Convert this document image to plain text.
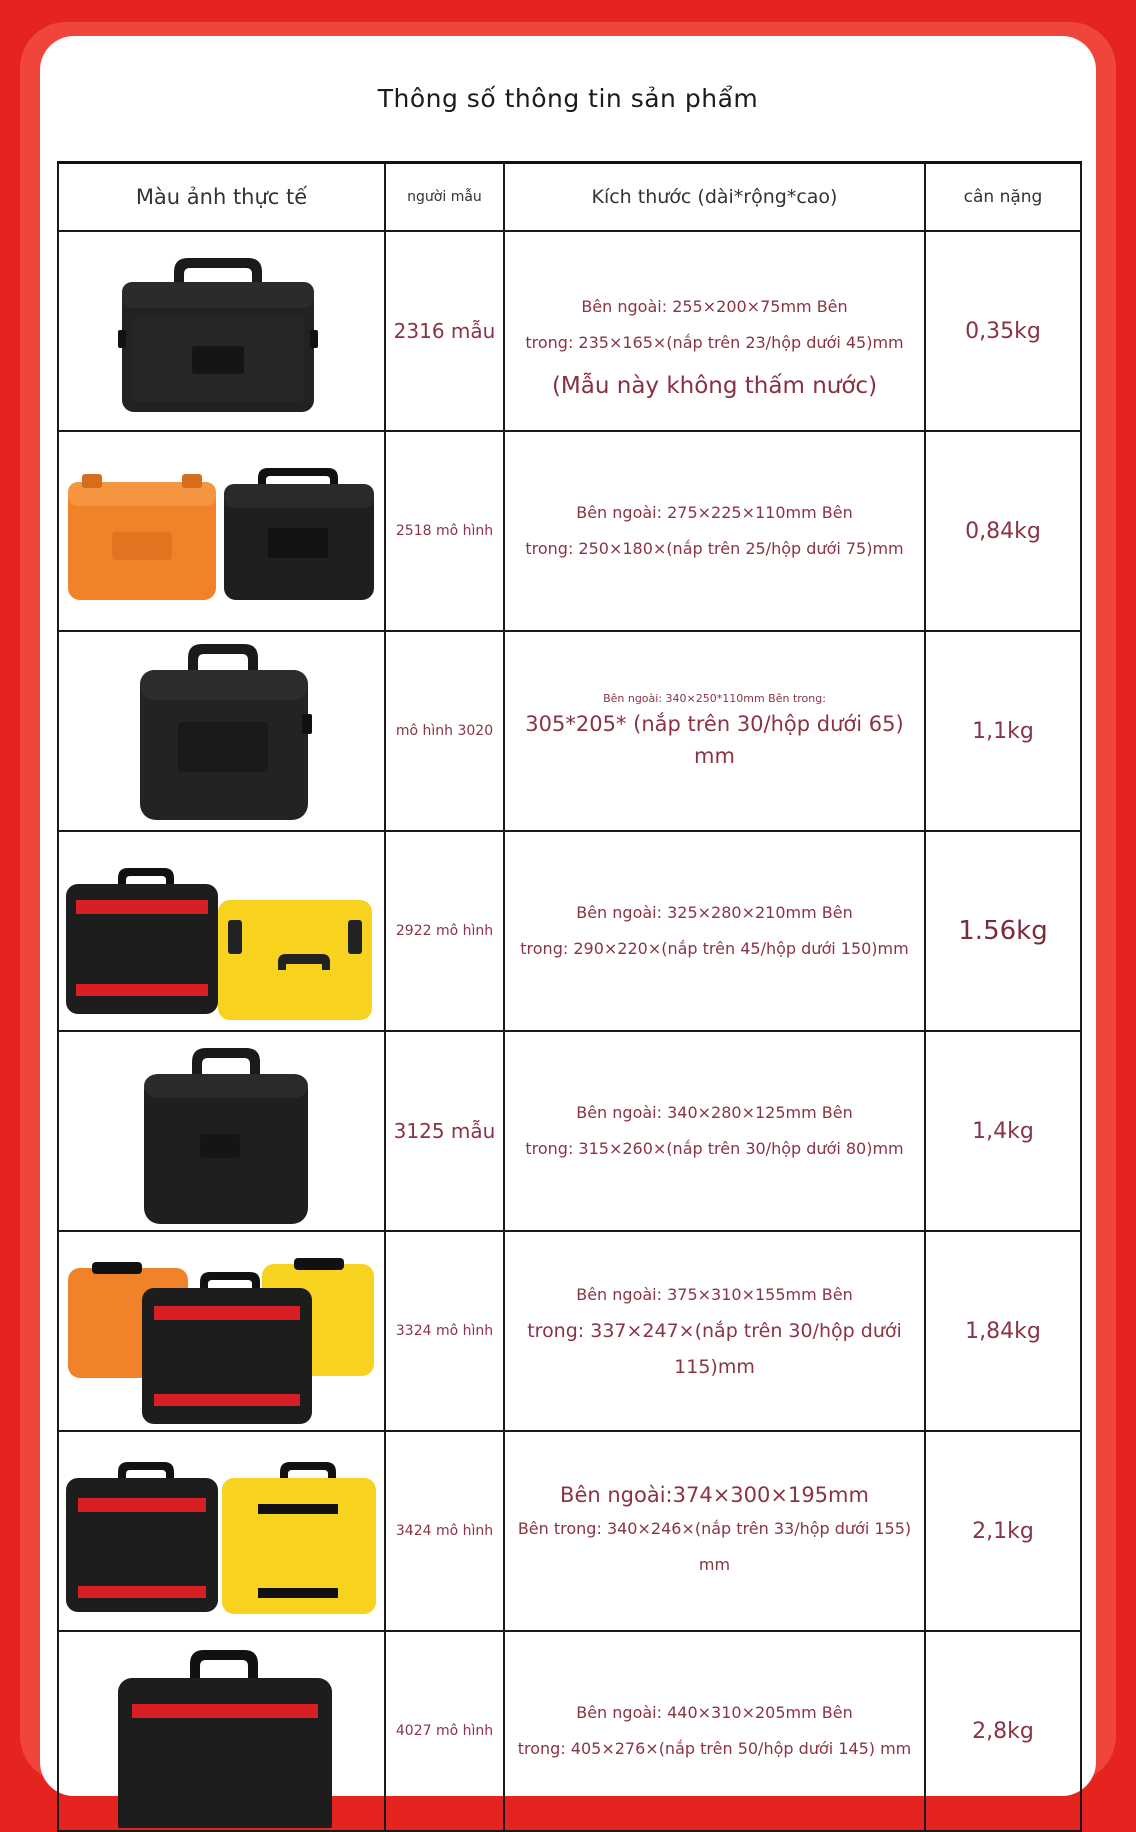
Thông số thông tin sản phẩm
Màu ảnh thực tế	người mẫu	Kích thước (dài*rộng*cao)	cân nặng

	2316 mẫu	Bên ngoài: 255×200×75mm Bên
trong: 235×165×(nắp trên 23/hộp dưới 45)mm
(Mẫu này không thấm nước)	0,35kg

	2518 mô hình	Bên ngoài: 275×225×110mm Bên
trong: 250×180×(nắp trên 25/hộp dưới 75)mm	0,84kg

	mô hình 3020	Bên ngoài: 340×250*110mm Bên trong:
305*205* (nắp trên 30/hộp dưới 65) mm	1,1kg

	2922 mô hình	Bên ngoài: 325×280×210mm Bên
trong: 290×220×(nắp trên 45/hộp dưới 150)mm	1.56kg

	3125 mẫu	Bên ngoài: 340×280×125mm Bên
trong: 315×260×(nắp trên 30/hộp dưới 80)mm	1,4kg

	3324 mô hình	Bên ngoài: 375×310×155mm Bên
trong: 337×247×(nắp trên 30/hộp dưới 115)mm	1,84kg

	3424 mô hình	Bên ngoài:374×300×195mm
Bên trong: 340×246×(nắp trên 33/hộp dưới 155) mm	2,1kg

	4027 mô hình	Bên ngoài: 440×310×205mm Bên
trong: 405×276×(nắp trên 50/hộp dưới 145) mm	2,8kg
